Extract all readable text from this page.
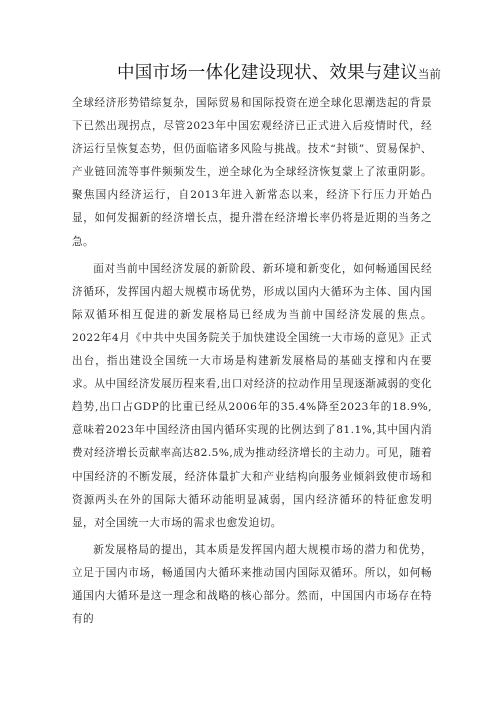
中国市场一体化建设现状、效果与建议当前

全球经济形势错综复杂，国际贸易和国际投资在逆全球化思潮迭起的背景下已然出现拐点，尽管2023年中国宏观经济已正式进入后疫情时代，经济运行呈恢复态势，但仍面临诸多风险与挑战。技术“封锁”、贸易保护、产业链回流等事件频频发生，逆全球化为全球经济恢复蒙上了浓重阴影。聚焦国内经济运行，自2013年进入新常态以来，经济下行压力开始凸显，如何发掘新的经济增长点，提升潜在经济增长率仍将是近期的当务之急。

面对当前中国经济发展的新阶段、新环境和新变化，如何畅通国民经济循环，发挥国内超大规模市场优势，形成以国内大循环为主体、国内国际双循环相互促进的新发展格局已经成为当前中国经济发展的焦点。2022年4月《中共中央国务院关于加快建设全国统一大市场的意见》正式出台，指出建设全国统一大市场是构建新发展格局的基础支撑和内在要求。从中国经济发展历程来看,出口对经济的拉动作用呈现逐渐减弱的变化趋势,出口占GDP的比重已经从2006年的35.4%降至2023年的18.9%,意味着2023年中国经济由国内循环实现的比例达到了81.1%,其中国内消费对经济增长贡献率高达82.5%,成为推动经济增长的主动力。可见，随着中国经济的不断发展，经济体量扩大和产业结构向服务业倾斜致使市场和资源两头在外的国际大循环动能明显减弱，国内经济循环的特征愈发明显，对全国统一大市场的需求也愈发迫切。

新发展格局的提出，其本质是发挥国内超大规模市场的潜力和优势，立足于国内市场，畅通国内大循环来推动国内国际双循环。所以，如何畅通国内大循环是这一理念和战略的核心部分。然而，中国国内市场存在特有的
